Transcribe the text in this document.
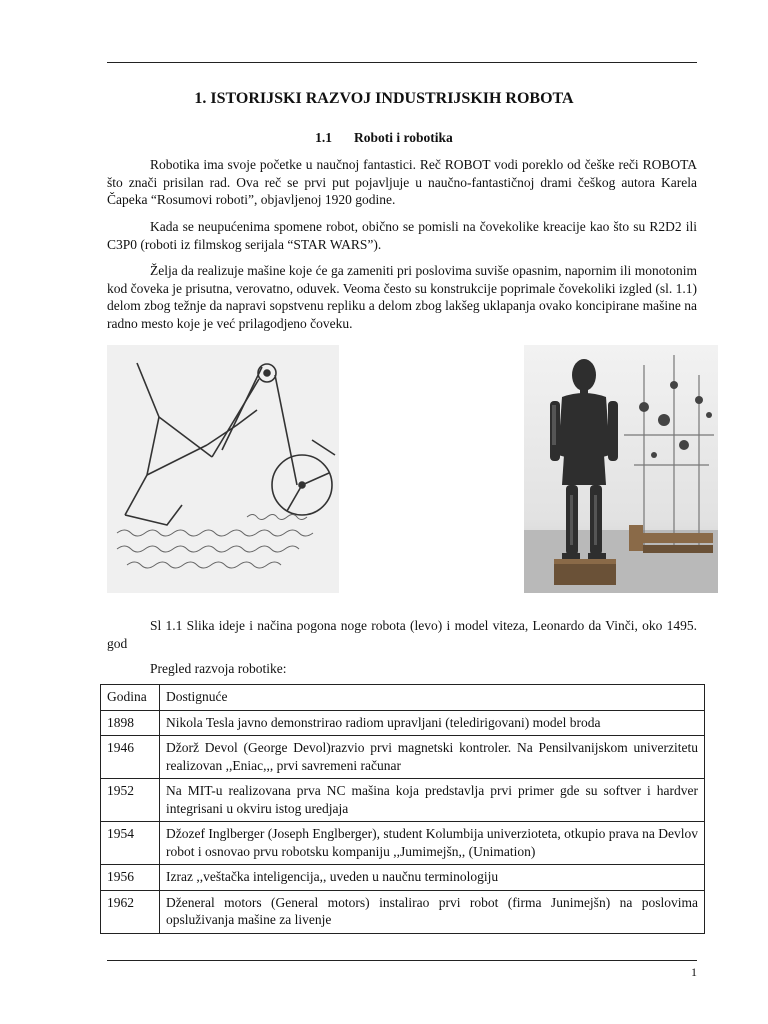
1. ISTORIJSKI RAZVOJ INDUSTRIJSKIH ROBOTA
1.1 Roboti i robotika

Robotika ima svoje početke u naučnoj fantastici. Reč ROBOT vodi poreklo od češke reči ROBOTA što znači prisilan rad. Ova reč se prvi put pojavljuje u naučno-fantastičnoj drami češkog autora Karela Čapeka “Rosumovi roboti”, objavljenoj 1920 godine.

Kada se neupućenima spomene robot, obično se pomisli na čovekolike kreacije kao što su R2D2 ili C3P0 (roboti iz filmskog serijala “STAR WARS”).

Želja da realizuje mašine koje će ga zameniti pri poslovima suviše opasnim, napornim ili monotonim kod čoveka je prisutna, verovatno, oduvek. Veoma često su konstrukcije poprimale čovekoliki izgled (sl. 1.1) delom zbog težnje da napravi sopstvenu repliku a delom zbog lakšeg uklapanja ovako koncipirane mašine na radno mesto koje je već prilagodjeno čoveku.

Sl 1.1 Slika ideje i načina pogona noge robota (levo) i model viteza, Leonardo da Vinči, oko 1495. god

Pregled razvoja robotike:

Godina	Dostignuće
1898	Nikola Tesla javno demonstrirao radiom upravljani (teledirigovani) model broda
1946	Džorž Devol (George Devol)razvio prvi magnetski kontroler. Na Pensilvanijskom univerzitetu realizovan ,,Eniac,,, prvi savremeni računar
1952	Na MIT-u realizovana prva NC mašina koja predstavlja prvi primer gde su softver i hardver integrisani u okviru istog uredjaja
1954	Džozef Inglberger (Joseph Englberger), student Kolumbija univerzioteta, otkupio prava na Devlov robot i osnovao prvu robotsku kompaniju ,,Jumimejšn,, (Unimation)
1956	Izraz ,,veštačka inteligencija,, uveden u naučnu terminologiju
1962	Dženeral motors (General motors) instalirao prvi robot (firma Junimejšn) na poslovima opsluživanja mašine za livenje
1
